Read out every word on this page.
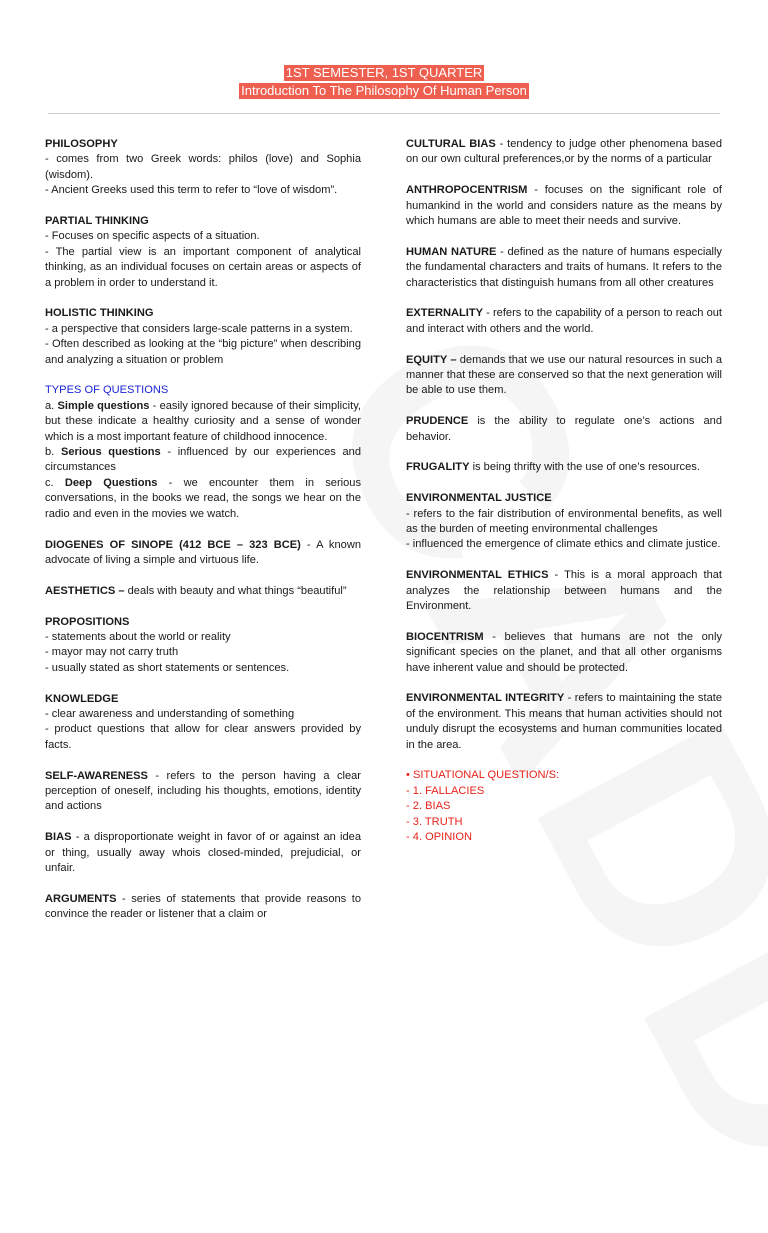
1ST SEMESTER, 1ST QUARTER
Introduction To The Philosophy Of Human Person
PHILOSOPHY
- comes from two Greek words: philos (love) and Sophia (wisdom).
- Ancient Greeks used this term to refer to “love of wisdom”.
PARTIAL THINKING
- Focuses on specific aspects of a situation.
- The partial view is an important component of analytical thinking, as an individual focuses on certain areas or aspects of a problem in order to understand it.
HOLISTIC THINKING
- a perspective that considers large-scale patterns in a system.
- Often described as looking at the “big picture” when describing and analyzing a situation or problem
TYPES OF QUESTIONS
a. Simple questions - easily ignored because of their simplicity, but these indicate a healthy curiosity and a sense of wonder which is a most important feature of childhood innocence.
b. Serious questions - influenced by our experiences and circumstances
c. Deep Questions - we encounter them in serious conversations, in the books we read, the songs we hear on the radio and even in the movies we watch.
DIOGENES OF SINOPE (412 BCE – 323 BCE) - A known advocate of living a simple and virtuous life.
AESTHETICS – deals with beauty and what things “beautiful”
PROPOSITIONS
- statements about the world or reality
- mayor may not carry truth
- usually stated as short statements or sentences.
KNOWLEDGE
- clear awareness and understanding of something
- product questions that allow for clear answers provided by facts.
SELF-AWARENESS - refers to the person having a clear perception of oneself, including his thoughts, emotions, identity and actions
BIAS - a disproportionate weight in favor of or against an idea or thing, usually away whois closed-minded, prejudicial, or unfair.
ARGUMENTS - series of statements that provide reasons to convince the reader or listener that a claim or
CULTURAL BIAS - tendency to judge other phenomena based on our own cultural preferences,or by the norms of a particular
ANTHROPOCENTRISM - focuses on the significant role of humankind in the world and considers nature as the means by which humans are able to meet their needs and survive.
HUMAN NATURE - defined as the nature of humans especially the fundamental characters and traits of humans. It refers to the characteristics that distinguish humans from all other creatures
EXTERNALITY - refers to the capability of a person to reach out and interact with others and the world.
EQUITY – demands that we use our natural resources in such a manner that these are conserved so that the next generation will be able to use them.
PRUDENCE is the ability to regulate one’s actions and behavior.
FRUGALITY is being thrifty with the use of one’s resources.
ENVIRONMENTAL JUSTICE
- refers to the fair distribution of environmental benefits, as well as the burden of meeting environmental challenges
- influenced the emergence of climate ethics and climate justice.
ENVIRONMENTAL ETHICS - This is a moral approach that analyzes the relationship between humans and the Environment.
BIOCENTRISM - believes that humans are not the only significant species on the planet, and that all other organisms have inherent value and should be protected.
ENVIRONMENTAL INTEGRITY - refers to maintaining the state of the environment. This means that human activities should not unduly disrupt the ecosystems and human communities located in the area.
• SITUATIONAL QUESTION/S:
- 1. FALLACIES
- 2. BIAS
- 3. TRUTH
- 4. OPINION
